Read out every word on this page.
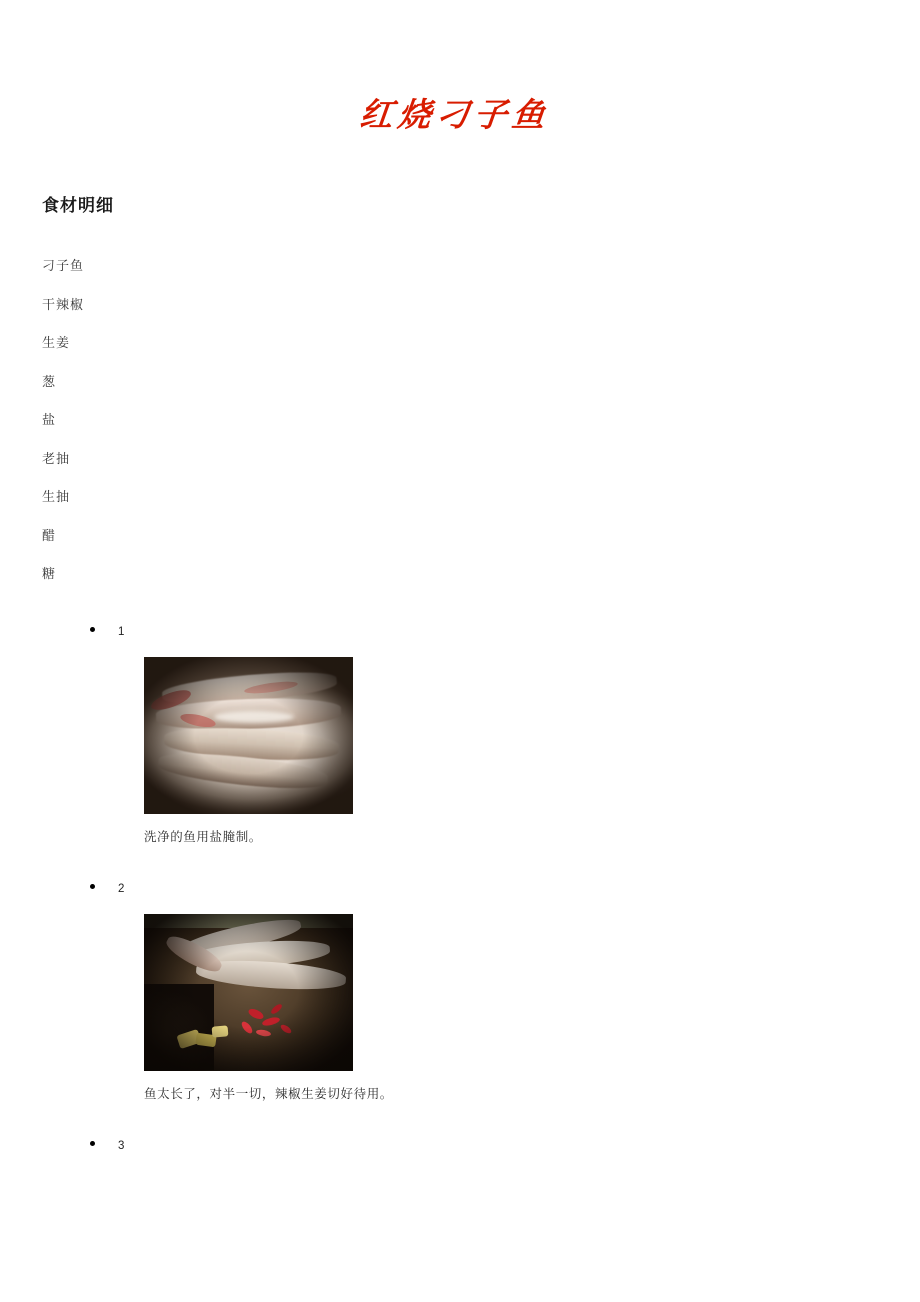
红烧刁子鱼
食材明细
刁子鱼
干辣椒
生姜
葱
盐
老抽
生抽
醋
糖
1
洗净的鱼用盐腌制。
2
鱼太长了，对半一切，辣椒生姜切好待用。
3
